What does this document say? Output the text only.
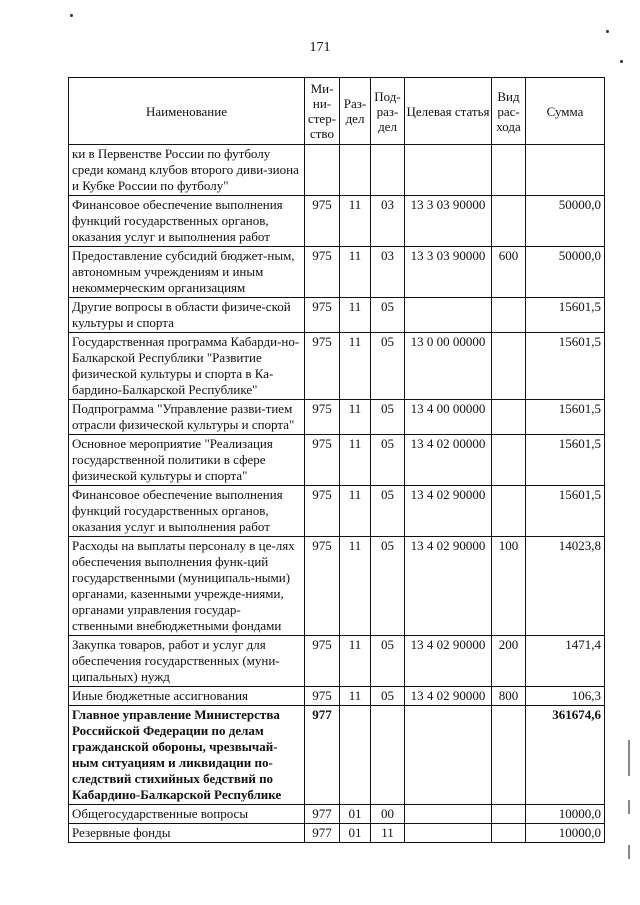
171
Наименование	Ми-ни-стер-ство	Раз-дел	Под-раз-дел	Целевая статья	Вид рас-хода	Сумма
ки в Первенстве России по футболу среди команд клубов второго диви-зиона и Кубке России по футболу"						
Финансовое обеспечение выполнения функций государственных органов, оказания услуг и выполнения работ	975	11	03	13 3 03 90000		50000,0
Предоставление субсидий бюджет-ным, автономным учреждениям и иным некоммерческим организациям	975	11	03	13 3 03 90000	600	50000,0
Другие вопросы в области физиче-ской культуры и спорта	975	11	05			15601,5
Государственная программа Кабарди-но-Балкарской Республики "Развитие физической культуры и спорта в Ка-бардино-Балкарской Республике"	975	11	05	13 0 00 00000		15601,5
Подпрограмма "Управление разви-тием отрасли физической культуры и спорта"	975	11	05	13 4 00 00000		15601,5
Основное мероприятие "Реализация государственной политики в сфере физической культуры и спорта"	975	11	05	13 4 02 00000		15601,5
Финансовое обеспечение выполнения функций государственных органов, оказания услуг и выполнения работ	975	11	05	13 4 02 90000		15601,5
Расходы на выплаты персоналу в це-лях обеспечения выполнения функ-ций государственными (муниципаль-ными) органами, казенными учрежде-ниями, органами управления государ-ственными внебюджетными фондами	975	11	05	13 4 02 90000	100	14023,8
Закупка товаров, работ и услуг для обеспечения государственных (муни-ципальных) нужд	975	11	05	13 4 02 90000	200	1471,4
Иные бюджетные ассигнования	975	11	05	13 4 02 90000	800	106,3
Главное управление Министерства Российской Федерации по делам гражданской обороны, чрезвычай-ным ситуациям и ликвидации по-следствий стихийных бедствий по Кабардино-Балкарской Республике	977					361674,6
Общегосударственные вопросы	977	01	00			10000,0
Резервные фонды	977	01	11			10000,0
